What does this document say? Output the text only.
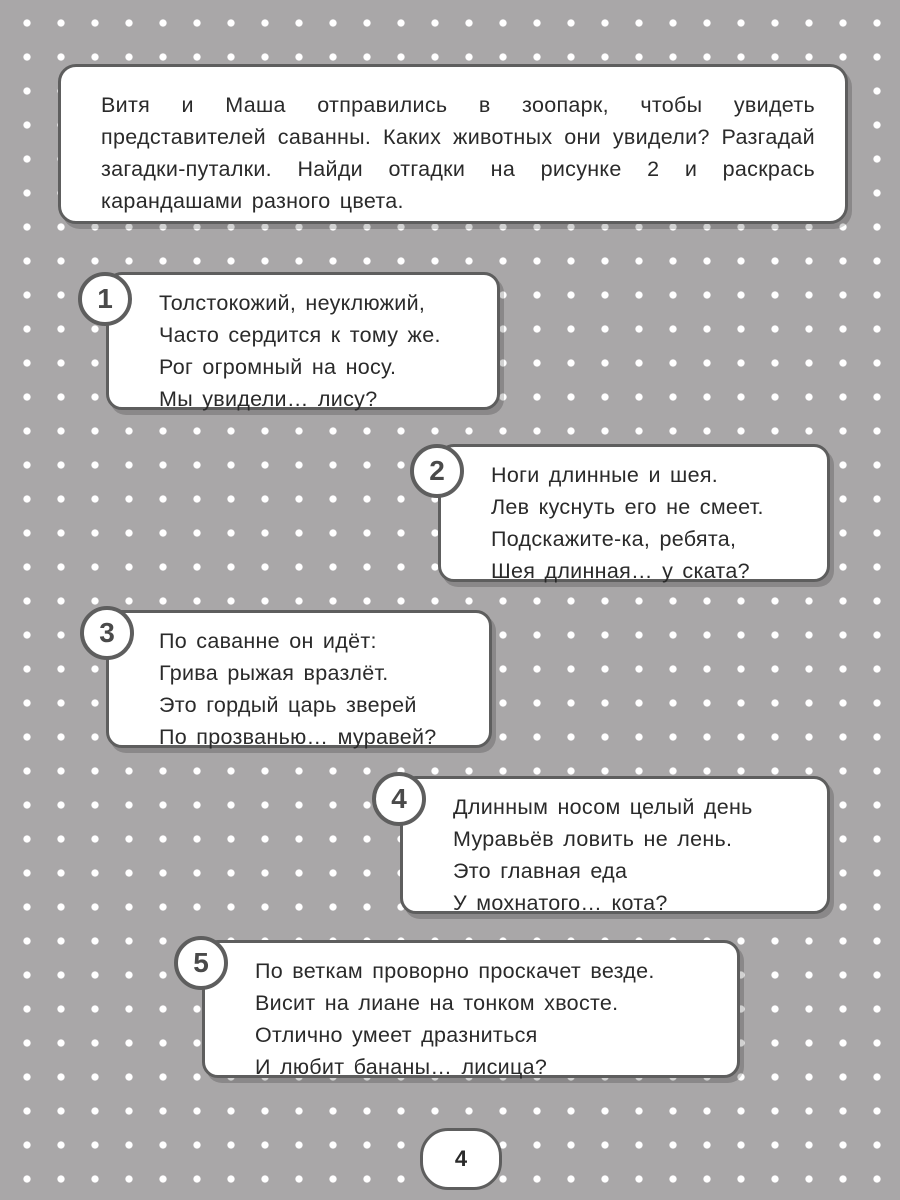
Витя и Маша отправились в зоопарк, чтобы увидеть представителей саванны. Каких животных они увидели? Разгадай загадки-путалки. Найди отгадки на рисунке 2 и раскрась карандашами разного цвета.

Толстокожий, неуклюжий,
Часто сердится к тому же.
Рог огромный на носу.
Мы увидели… лису?
1
Ноги длинные и шея.
Лев куснуть его не смеет.
Подскажите-ка, ребята,
Шея длинная… у ската?
2
По саванне он идёт:
Грива рыжая вразлёт.
Это гордый царь зверей
По прозванью… муравей?
3
Длинным носом целый день
Муравьёв ловить не лень.
Это главная еда
У мохнатого… кота?
4
По веткам проворно проскачет везде.
Висит на лиане на тонком хвосте.
Отлично умеет дразниться
И любит бананы… лисица?
5
4
